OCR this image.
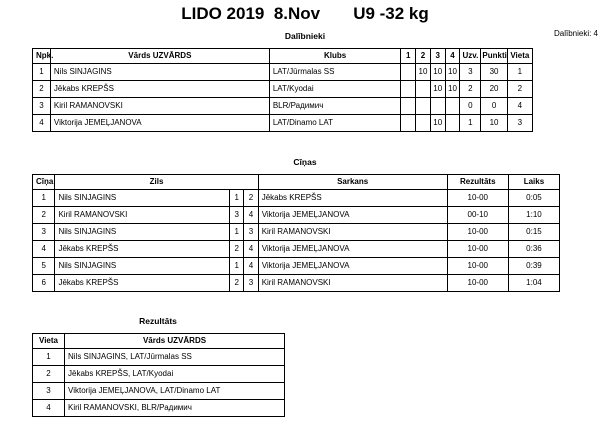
LIDO 2019 8.Nov U9 -32 kg
Dalībnieki	Dalībnieki: 4
Npk.	Vārds UZVĀRDS	Klubs	1	2	3	4	Uzv.	Punkti	Vieta
1	Nils SINJAGINS	LAT/Jūrmalas SS		10	10	10	3	30	1
2	Jēkabs KREPŠS	LAT/Kyodai			10	10	2	20	2
3	Kiril RAMANOVSKI	BLR/Радимич					0	0	4
4	Viktorija JEMEĻJANOVA	LAT/Dinamo LAT			10		1	10	3
Cīņas
Cīņa	Zils			Sarkans	Rezultāts	Laiks
1	Nils SINJAGINS	1	2	Jēkabs KREPŠS	10-00	0:05
2	Kiril RAMANOVSKI	3	4	Viktorija JEMEĻJANOVA	00-10	1:10
3	Nils SINJAGINS	1	3	Kiril RAMANOVSKI	10-00	0:15
4	Jēkabs KREPŠS	2	4	Viktorija JEMEĻJANOVA	10-00	0:36
5	Nils SINJAGINS	1	4	Viktorija JEMEĻJANOVA	10-00	0:39
6	Jēkabs KREPŠS	2	3	Kiril RAMANOVSKI	10-00	1:04
Rezultāts
Vieta	Vārds UZVĀRDS
1	Nils SINJAGINS, LAT/Jūrmalas SS
2	Jēkabs KREPŠS, LAT/Kyodai
3	Viktorija JEMEĻJANOVA, LAT/Dinamo LAT
4	Kiril RAMANOVSKI, BLR/Радимич
